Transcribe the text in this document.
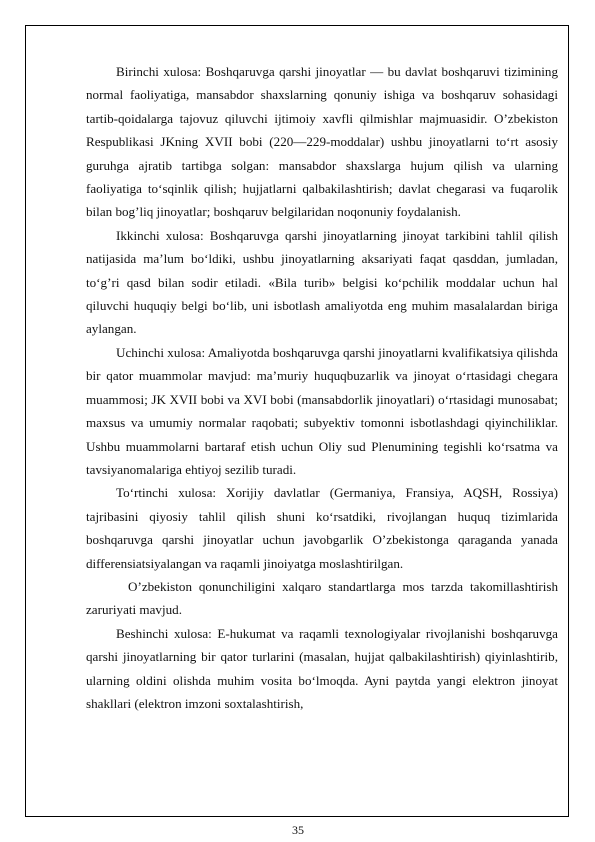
Birinchi xulosa: Boshqaruvga qarshi jinoyatlar — bu davlat boshqaruvi tizimining normal faoliyatiga, mansabdor shaxslarning qonuniy ishiga va boshqaruv sohasidagi tartib-qoidalarga tajovuz qiluvchi ijtimoiy xavfli qilmishlar majmuasidir. O’zbekiston Respublikasi JKning XVII bobi (220—229-moddalar) ushbu jinoyatlarni to‘rt asosiy guruhga ajratib tartibga solgan: mansabdor shaxslarga hujum qilish va ularning faoliyatiga to‘sqinlik qilish; hujjatlarni qalbakilashtirish; davlat chegarasi va fuqarolik bilan bog’liq jinoyatlar; boshqaruv belgilaridan noqonuniy foydalanish.

Ikkinchi xulosa: Boshqaruvga qarshi jinoyatlarning jinoyat tarkibini tahlil qilish natijasida ma’lum bo‘ldiki, ushbu jinoyatlarning aksariyati faqat qasddan, jumladan, to‘g’ri qasd bilan sodir etiladi. «Bila turib» belgisi ko‘pchilik moddalar uchun hal qiluvchi huquqiy belgi bo‘lib, uni isbotlash amaliyotda eng muhim masalalardan biriga aylangan.

Uchinchi xulosa: Amaliyotda boshqaruvga qarshi jinoyatlarni kvalifikatsiya qilishda bir qator muammolar mavjud: ma’muriy huquqbuzarlik va jinoyat o‘rtasidagi chegara muammosi; JK XVII bobi va XVI bobi (mansabdorlik jinoyatlari) o‘rtasidagi munosabat; maxsus va umumiy normalar raqobati; subyektiv tomonni isbotlashdagi qiyinchiliklar. Ushbu muammolarni bartaraf etish uchun Oliy sud Plenumining tegishli ko‘rsatma va tavsiyanomalariga ehtiyoj sezilib turadi.

To‘rtinchi xulosa: Xorijiy davlatlar (Germaniya, Fransiya, AQSH, Rossiya) tajribasini qiyosiy tahlil qilish shuni ko‘rsatdiki, rivojlangan huquq tizimlarida boshqaruvga qarshi jinoyatlar uchun javobgarlik O’zbekistonga qaraganda yanada differensiatsiyalangan va raqamli jinoiyatga moslashtirilgan.

O’zbekiston qonunchiligini xalqaro standartlarga mos tarzda takomillashtirish zaruriyati mavjud.

Beshinchi xulosa: E-hukumat va raqamli texnologiyalar rivojlanishi boshqaruvga qarshi jinoyatlarning bir qator turlarini (masalan, hujjat qalbakilashtirish) qiyinlashtirib, ularning oldini olishda muhim vosita bo‘lmoqda. Ayni paytda yangi elektron jinoyat shakllari (elektron imzoni soxtalashtirish,

35
